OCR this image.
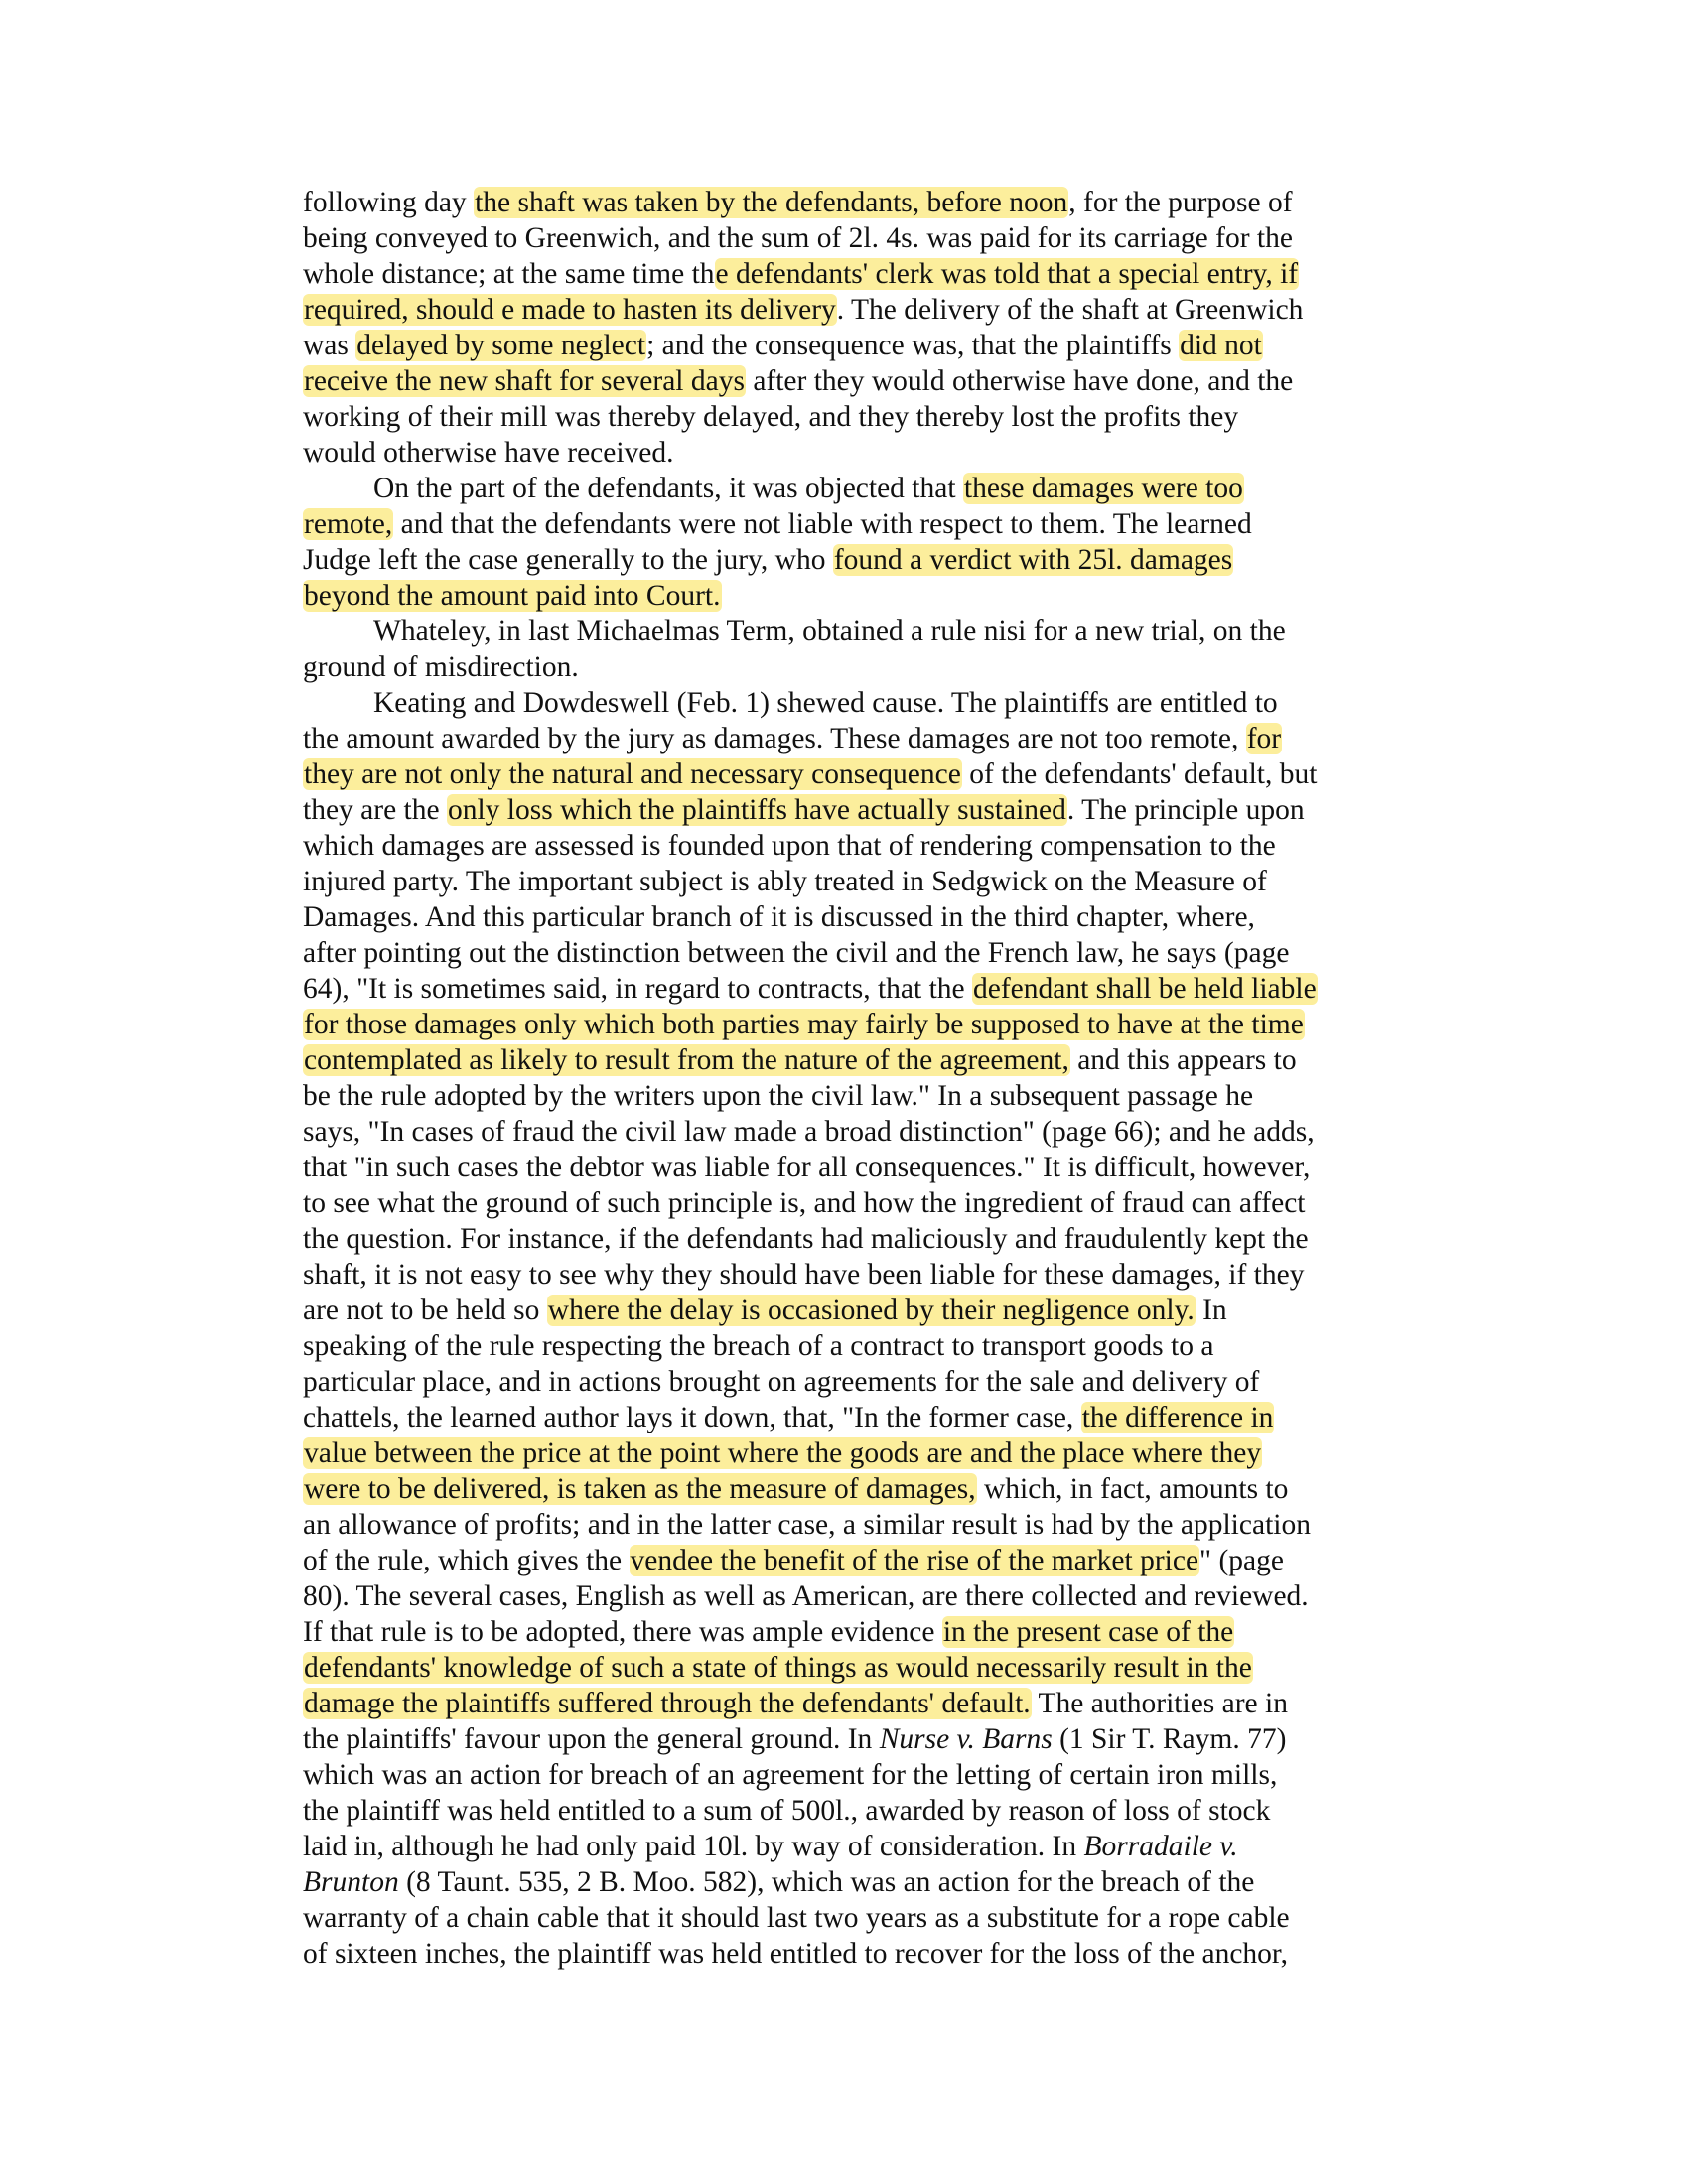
following day the shaft was taken by the defendants, before noon, for the purpose of
being conveyed to Greenwich, and the sum of 2l. 4s. was paid for its carriage for the
whole distance; at the same time the defendants' clerk was told that a special entry, if
required, should e made to hasten its delivery. The delivery of the shaft at Greenwich
was delayed by some neglect; and the consequence was, that the plaintiffs did not
receive the new shaft for several days after they would otherwise have done, and the
working of their mill was thereby delayed, and they thereby lost the profits they
would otherwise have received.
On the part of the defendants, it was objected that these damages were too
remote, and that the defendants were not liable with respect to them. The learned
Judge left the case generally to the jury, who found a verdict with 25l. damages
beyond the amount paid into Court.
Whateley, in last Michaelmas Term, obtained a rule nisi for a new trial, on the
ground of misdirection.
Keating and Dowdeswell (Feb. 1) shewed cause. The plaintiffs are entitled to
the amount awarded by the jury as damages. These damages are not too remote, for
they are not only the natural and necessary consequence of the defendants' default, but
they are the only loss which the plaintiffs have actually sustained. The principle upon
which damages are assessed is founded upon that of rendering compensation to the
injured party. The important subject is ably treated in Sedgwick on the Measure of
Damages. And this particular branch of it is discussed in the third chapter, where,
after pointing out the distinction between the civil and the French law, he says (page
64), "It is sometimes said, in regard to contracts, that the defendant shall be held liable
for those damages only which both parties may fairly be supposed to have at the time
contemplated as likely to result from the nature of the agreement, and this appears to
be the rule adopted by the writers upon the civil law." In a subsequent passage he
says, "In cases of fraud the civil law made a broad distinction" (page 66); and he adds,
that "in such cases the debtor was liable for all consequences." It is difficult, however,
to see what the ground of such principle is, and how the ingredient of fraud can affect
the question. For instance, if the defendants had maliciously and fraudulently kept the
shaft, it is not easy to see why they should have been liable for these damages, if they
are not to be held so where the delay is occasioned by their negligence only. In
speaking of the rule respecting the breach of a contract to transport goods to a
particular place, and in actions brought on agreements for the sale and delivery of
chattels, the learned author lays it down, that, "In the former case, the difference in
value between the price at the point where the goods are and the place where they
were to be delivered, is taken as the measure of damages, which, in fact, amounts to
an allowance of profits; and in the latter case, a similar result is had by the application
of the rule, which gives the vendee the benefit of the rise of the market price" (page
80). The several cases, English as well as American, are there collected and reviewed.
If that rule is to be adopted, there was ample evidence in the present case of the
defendants' knowledge of such a state of things as would necessarily result in the
damage the plaintiffs suffered through the defendants' default. The authorities are in
the plaintiffs' favour upon the general ground. In Nurse v. Barns (1 Sir T. Raym. 77)
which was an action for breach of an agreement for the letting of certain iron mills,
the plaintiff was held entitled to a sum of 500l., awarded by reason of loss of stock
laid in, although he had only paid 10l. by way of consideration. In Borradaile v.
Brunton (8 Taunt. 535, 2 B. Moo. 582), which was an action for the breach of the
warranty of a chain cable that it should last two years as a substitute for a rope cable
of sixteen inches, the plaintiff was held entitled to recover for the loss of the anchor,
